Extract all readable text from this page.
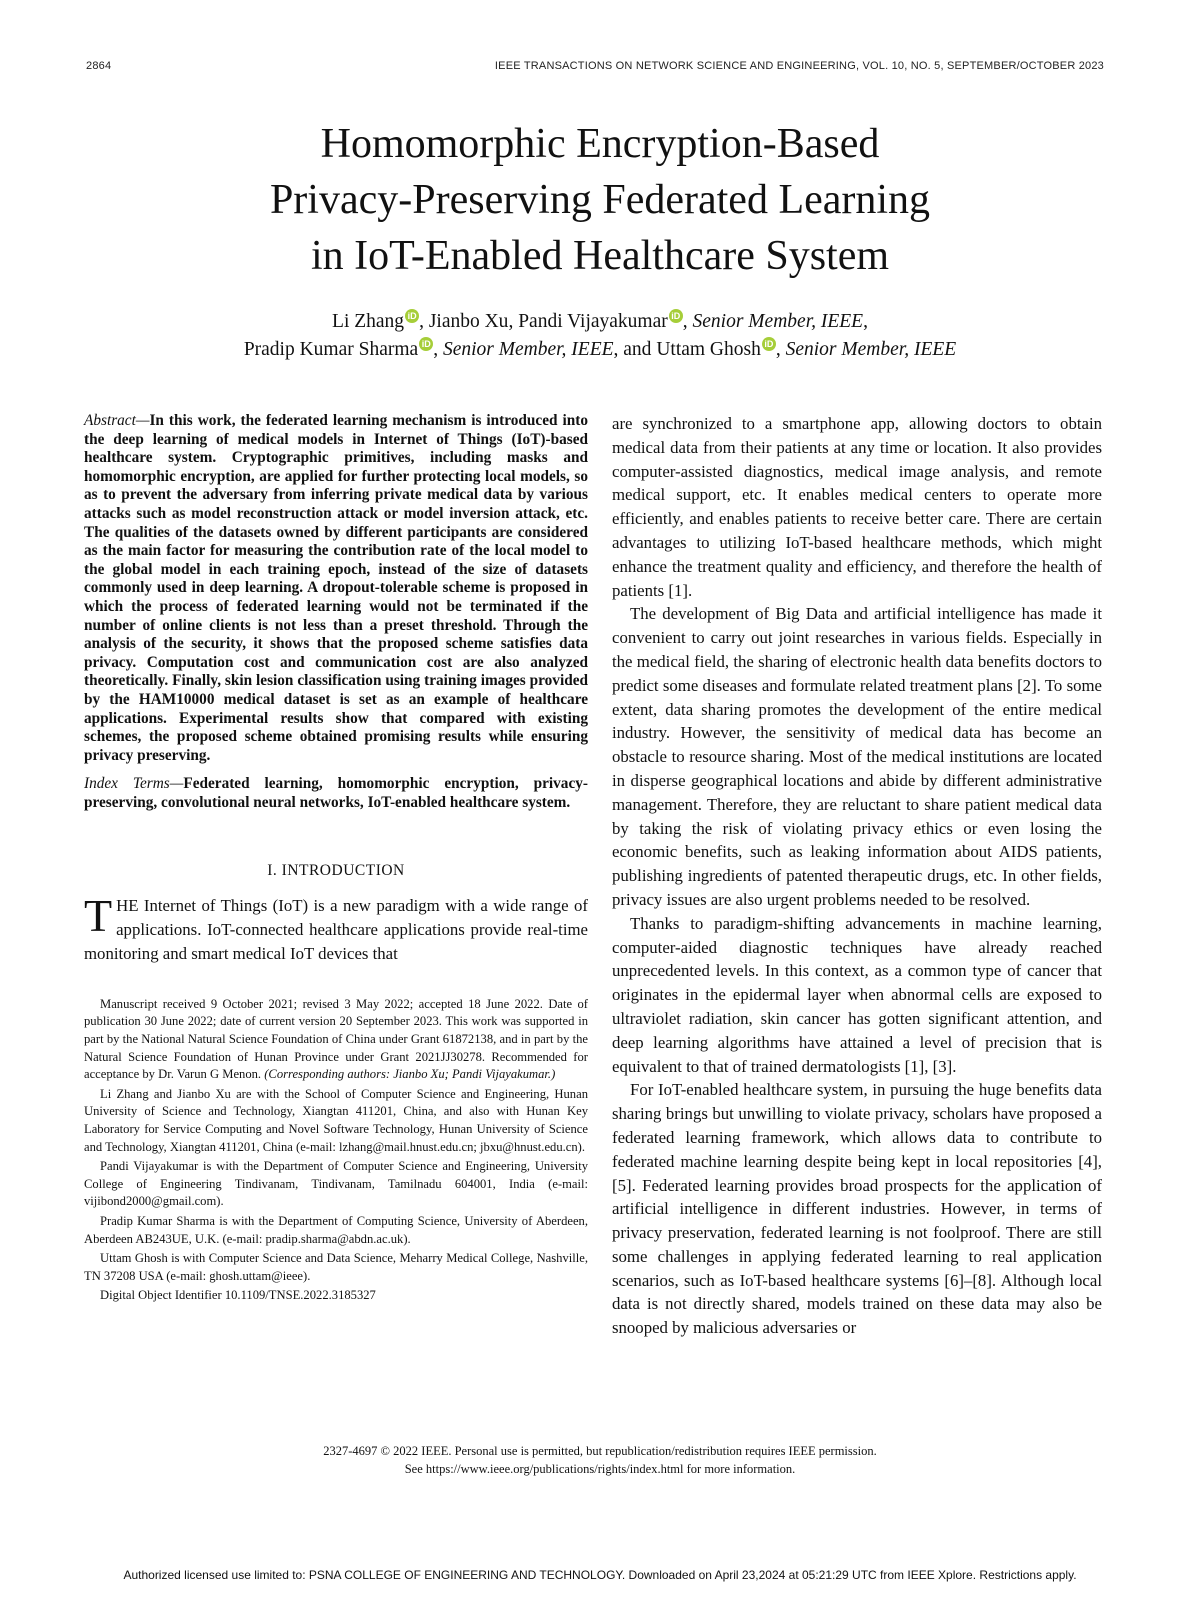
2864	IEEE TRANSACTIONS ON NETWORK SCIENCE AND ENGINEERING, VOL. 10, NO. 5, SEPTEMBER/OCTOBER 2023
Homomorphic Encryption-Based
Privacy-Preserving Federated Learning
in IoT-Enabled Healthcare System
Li Zhang iD , Jianbo Xu, Pandi Vijayakumar iD , Senior Member, IEEE,
Pradip Kumar Sharma iD , Senior Member, IEEE, and Uttam Ghosh iD , Senior Member, IEEE

Abstract—In this work, the federated learning mechanism is introduced into the deep learning of medical models in Internet of Things (IoT)-based healthcare system. Cryptographic primitives, including masks and homomorphic encryption, are applied for further protecting local models, so as to prevent the adversary from inferring private medical data by various attacks such as model reconstruction attack or model inversion attack, etc. The qualities of the datasets owned by different participants are considered as the main factor for measuring the contribution rate of the local model to the global model in each training epoch, instead of the size of datasets commonly used in deep learning. A dropout-tolerable scheme is proposed in which the process of federated learning would not be terminated if the number of online clients is not less than a preset threshold. Through the analysis of the security, it shows that the proposed scheme satisfies data privacy. Computation cost and communication cost are also analyzed theoretically. Finally, skin lesion classification using training images provided by the HAM10000 medical dataset is set as an example of healthcare applications. Experimental results show that compared with existing schemes, the proposed scheme obtained promising results while ensuring privacy preserving.

Index Terms—Federated learning, homomorphic encryption, privacy-preserving, convolutional neural networks, IoT-enabled healthcare system.

I. INTRODUCTION

THE Internet of Things (IoT) is a new paradigm with a wide range of applications. IoT-connected healthcare applications provide real-time monitoring and smart medical IoT devices that

Manuscript received 9 October 2021; revised 3 May 2022; accepted 18 June 2022. Date of publication 30 June 2022; date of current version 20 September 2023. This work was supported in part by the National Natural Science Foundation of China under Grant 61872138, and in part by the Natural Science Foundation of Hunan Province under Grant 2021JJ30278. Recommended for acceptance by Dr. Varun G Menon. (Corresponding authors: Jianbo Xu; Pandi Vijayakumar.)

Li Zhang and Jianbo Xu are with the School of Computer Science and Engineering, Hunan University of Science and Technology, Xiangtan 411201, China, and also with Hunan Key Laboratory for Service Computing and Novel Software Technology, Hunan University of Science and Technology, Xiangtan 411201, China (e-mail: lzhang@mail.hnust.edu.cn; jbxu@hnust.edu.cn).

Pandi Vijayakumar is with the Department of Computer Science and Engineering, University College of Engineering Tindivanam, Tindivanam, Tamilnadu 604001, India (e-mail: vijibond2000@gmail.com).

Pradip Kumar Sharma is with the Department of Computing Science, University of Aberdeen, Aberdeen AB243UE, U.K. (e-mail: pradip.sharma@abdn.ac.uk).

Uttam Ghosh is with Computer Science and Data Science, Meharry Medical College, Nashville, TN 37208 USA (e-mail: ghosh.uttam@ieee).

Digital Object Identifier 10.1109/TNSE.2022.3185327

are synchronized to a smartphone app, allowing doctors to obtain medical data from their patients at any time or location. It also provides computer-assisted diagnostics, medical image analysis, and remote medical support, etc. It enables medical centers to operate more efficiently, and enables patients to receive better care. There are certain advantages to utilizing IoT-based healthcare methods, which might enhance the treatment quality and efficiency, and therefore the health of patients [1].

The development of Big Data and artificial intelligence has made it convenient to carry out joint researches in various fields. Especially in the medical field, the sharing of electronic health data benefits doctors to predict some diseases and formulate related treatment plans [2]. To some extent, data sharing promotes the development of the entire medical industry. However, the sensitivity of medical data has become an obstacle to resource sharing. Most of the medical institutions are located in disperse geographical locations and abide by different administrative management. Therefore, they are reluctant to share patient medical data by taking the risk of violating privacy ethics or even losing the economic benefits, such as leaking information about AIDS patients, publishing ingredients of patented therapeutic drugs, etc. In other fields, privacy issues are also urgent problems needed to be resolved.

Thanks to paradigm-shifting advancements in machine learning, computer-aided diagnostic techniques have already reached unprecedented levels. In this context, as a common type of cancer that originates in the epidermal layer when abnormal cells are exposed to ultraviolet radiation, skin cancer has gotten significant attention, and deep learning algorithms have attained a level of precision that is equivalent to that of trained dermatologists [1], [3].

For IoT-enabled healthcare system, in pursuing the huge benefits data sharing brings but unwilling to violate privacy, scholars have proposed a federated learning framework, which allows data to contribute to federated machine learning despite being kept in local repositories [4], [5]. Federated learning provides broad prospects for the application of artificial intelligence in different industries. However, in terms of privacy preservation, federated learning is not foolproof. There are still some challenges in applying federated learning to real application scenarios, such as IoT-based healthcare systems [6]–[8]. Although local data is not directly shared, models trained on these data may also be snooped by malicious adversaries or

2327-4697 © 2022 IEEE. Personal use is permitted, but republication/redistribution requires IEEE permission.
See https://www.ieee.org/publications/rights/index.html for more information.
Authorized licensed use limited to: PSNA COLLEGE OF ENGINEERING AND TECHNOLOGY. Downloaded on April 23,2024 at 05:21:29 UTC from IEEE Xplore. Restrictions apply.
